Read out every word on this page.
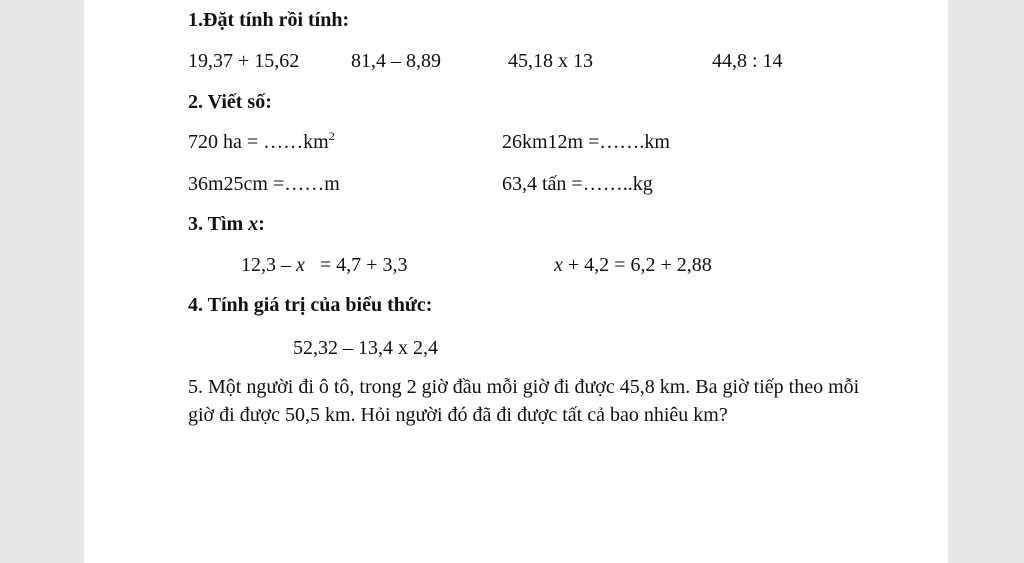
1.Đặt tính rồi tính:
19,37 + 15,62	81,4 – 8,89	45,18 x 13	44,8 : 14
2. Viết số:
720 ha = $\dots\dots km^2$	26km12m =…….km
36m25cm =……m	63,4 tấn =……..kg
3. Tìm x:
12,3 – x   = 4,7 + 3,3	x + 4,2 = 6,2 + 2,88
4. Tính giá trị của biểu thức:
52,32 – 13,4 x 2,4
5. Một người đi ô tô, trong 2 giờ đầu mỗi giờ đi được 45,8 km. Ba giờ tiếp theo mỗi giờ đi được 50,5 km. Hỏi người đó đã đi được tất cả bao nhiêu km?
